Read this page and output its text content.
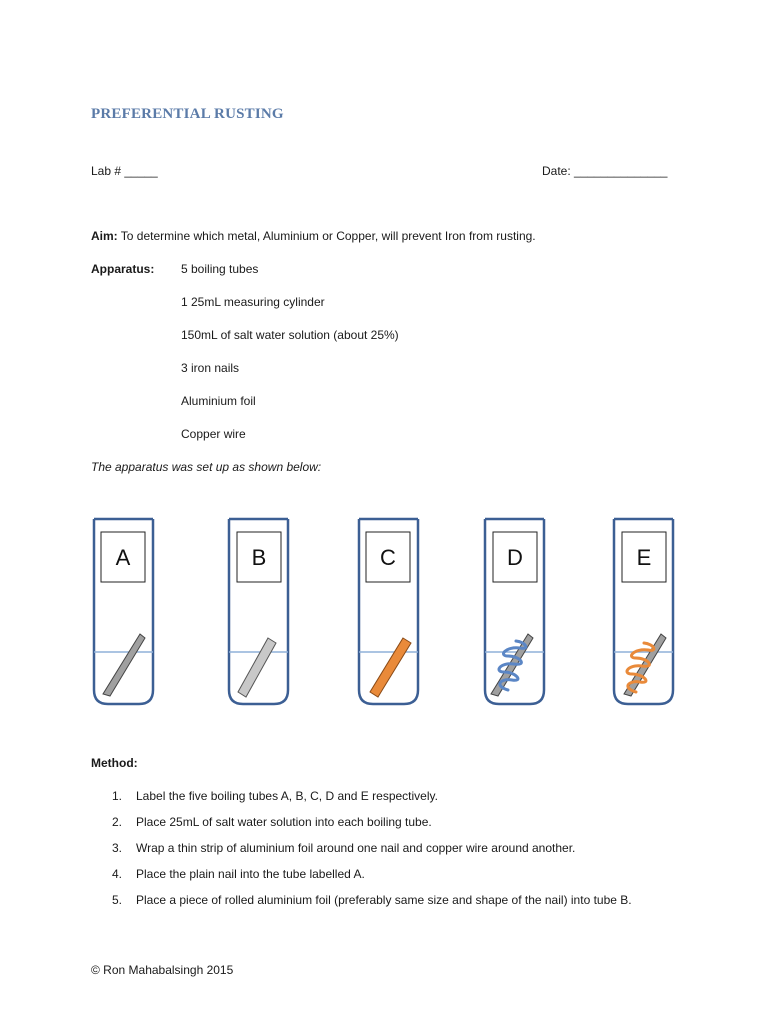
PREFERENTIAL RUSTING
Lab # _____	Date: ______________
Aim: To determine which metal, Aluminium or Copper, will prevent Iron from rusting.
Apparatus: 5 boiling tubes
1 25mL measuring cylinder
150mL of salt water solution (about 25%)
3 iron nails
Aluminium foil
Copper wire
The apparatus was set up as shown below:
A	B	C	D	E
Method:
1.	Label the five boiling tubes A, B, C, D and E respectively.
2.	Place 25mL of salt water solution into each boiling tube.
3.	Wrap a thin strip of aluminium foil around one nail and copper wire around another.
4.	Place the plain nail into the tube labelled A.
5.	Place a piece of rolled aluminium foil (preferably same size and shape of the nail) into tube B.
© Ron Mahabalsingh 2015
